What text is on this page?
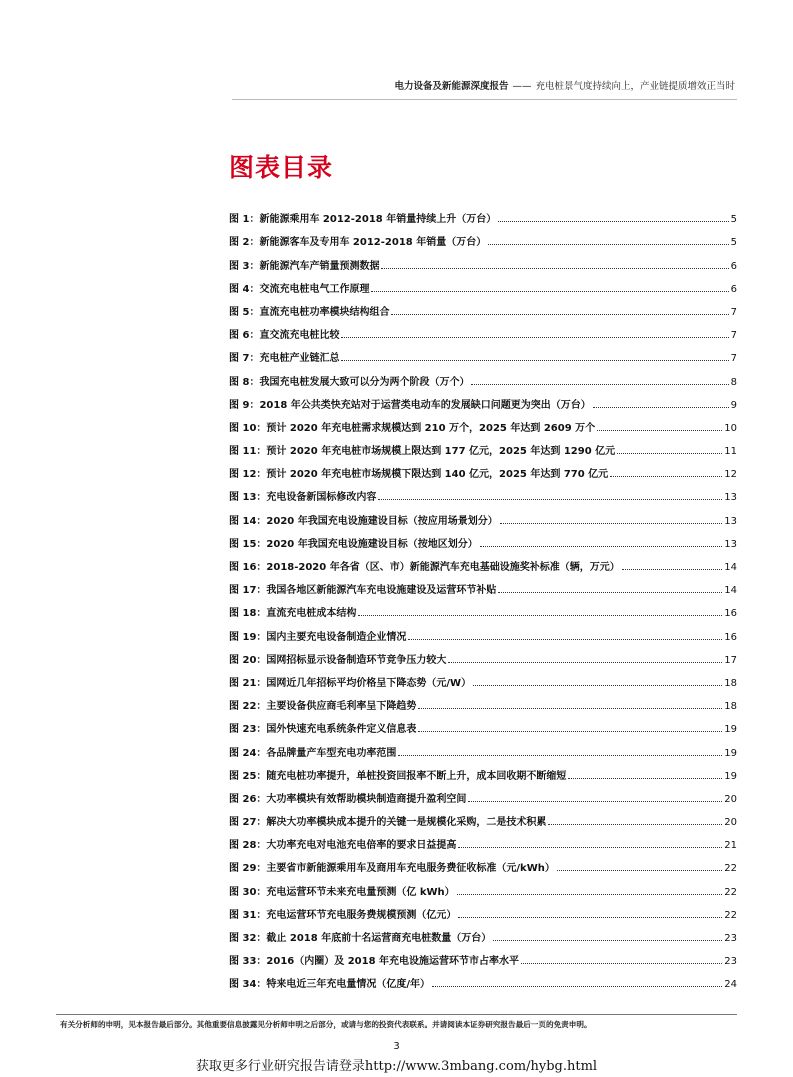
电力设备及新能源深度报告 —— 充电桩景气度持续向上，产业链提质增效正当时
图表目录
图 1：新能源乘用车 2012-2018 年销量持续上升（万台）	5
图 2：新能源客车及专用车 2012-2018 年销量（万台）	5
图 3：新能源汽车产销量预测数据	6
图 4：交流充电桩电气工作原理	6
图 5：直流充电桩功率模块结构组合	7
图 6：直交流充电桩比较	7
图 7：充电桩产业链汇总	7
图 8：我国充电桩发展大致可以分为两个阶段（万个）	8
图 9：2018 年公共类快充站对于运营类电动车的发展缺口问题更为突出（万台）	9
图 10：预计 2020 年充电桩需求规模达到 210 万个，2025 年达到 2609 万个	10
图 11：预计 2020 年充电桩市场规模上限达到 177 亿元，2025 年达到 1290 亿元	11
图 12：预计 2020 年充电桩市场规模下限达到 140 亿元，2025 年达到 770 亿元	12
图 13：充电设备新国标修改内容	13
图 14：2020 年我国充电设施建设目标（按应用场景划分）	13
图 15：2020 年我国充电设施建设目标（按地区划分）	13
图 16：2018-2020 年各省（区、市）新能源汽车充电基础设施奖补标准（辆，万元）	14
图 17：我国各地区新能源汽车充电设施建设及运营环节补贴	14
图 18：直流充电桩成本结构	16
图 19：国内主要充电设备制造企业情况	16
图 20：国网招标显示设备制造环节竞争压力较大	17
图 21：国网近几年招标平均价格呈下降态势（元/W）	18
图 22：主要设备供应商毛利率呈下降趋势	18
图 23：国外快速充电系统条件定义信息表	19
图 24：各品牌量产车型充电功率范围	19
图 25：随充电桩功率提升，单桩投资回报率不断上升，成本回收期不断缩短	19
图 26：大功率模块有效帮助模块制造商提升盈利空间	20
图 27：解决大功率模块成本提升的关键一是规模化采购，二是技术积累	20
图 28：大功率充电对电池充电倍率的要求日益提高	21
图 29：主要省市新能源乘用车及商用车充电服务费征收标准（元/kWh）	22
图 30：充电运营环节未来充电量预测（亿 kWh）	22
图 31：充电运营环节充电服务费规模预测（亿元）	22
图 32：截止 2018 年底前十名运营商充电桩数量（万台）	23
图 33：2016（内圈）及 2018 年充电设施运营环节市占率水平	23
图 34：特来电近三年充电量情况（亿度/年）	24
有关分析师的申明，见本报告最后部分。其他重要信息披露见分析师申明之后部分，或请与您的投资代表联系。并请阅读本证券研究报告最后一页的免责申明。
3
获取更多行业研究报告请登录http://www.3mbang.com/hybg.html
